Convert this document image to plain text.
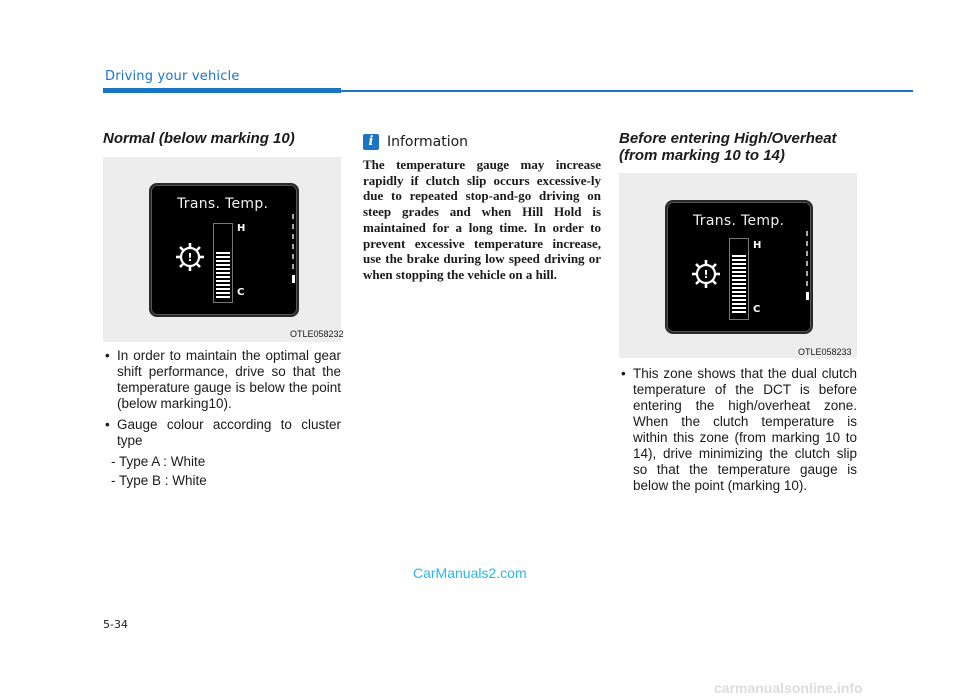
Driving your vehicle
Normal (below marking 10)
Trans. Temp.
!
H
C
OTLE058232
• In order to maintain the optimal gear shift performance, drive so that the temperature gauge is below the point (below marking10).
• Gauge colour according to cluster type
- Type A : White
- Type B : White
i Information
The temperature gauge may increase rapidly if clutch slip occurs excessive-ly due to repeated stop-and-go driving on steep grades and when Hill Hold is maintained for a long time. In order to prevent excessive temperature increase, use the brake during low speed driving or when stopping the vehicle on a hill.
Before entering High/Overheat
(from marking 10 to 14)
Trans. Temp.
!
H
C
OTLE058233
• This zone shows that the dual clutch temperature of the DCT is before entering the high/overheat zone. When the clutch temperature is within this zone (from marking 10 to 14), drive minimizing the clutch slip so that the temperature gauge is below the point (marking 10).
CarManuals2.com
5-34
carmanualsonline.info
